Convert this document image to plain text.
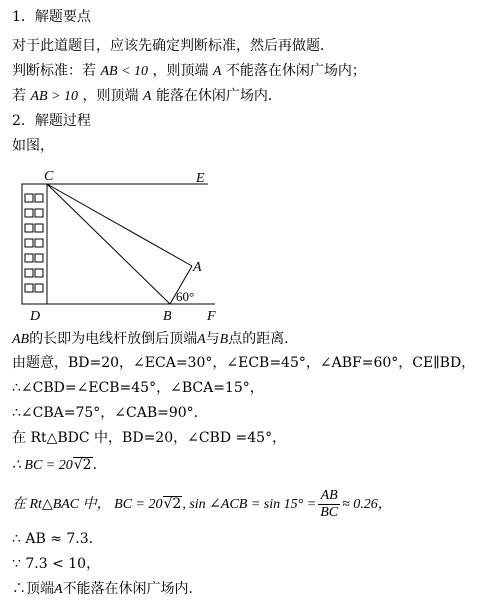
1．解题要点
对于此道题目，应该先确定判断标准，然后再做题．
判断标准：若 AB < 10 ，则顶端 A 不能落在休闲广场内；
若 AB > 10 ，则顶端 A 能落在休闲广场内．
2．解题过程
如图，
C	E
A
D	B	F
60°
AB的长即为电线杆放倒后顶端A与B点的距离．
由题意，BD=20，∠ECA=30°，∠ECB=45°，∠ABF=60°，CE∥BD，
∴∠CBD=∠ECB=45°，∠BCA=15°，
∴∠CBA=75°，∠CAB=90°．
在 Rt△BDC 中，BD=20，∠CBD =45°，
∴ BC = 20√2．
在 Rt△BAC 中， BC = 20√2, sin ∠ACB = $\sin 15^\circ = \frac{AB}{BC} \approx 0.26$，
∴ AB ≈ 7.3．
∵ 7.3 < 10，
∴顶端A不能落在休闲广场内．
